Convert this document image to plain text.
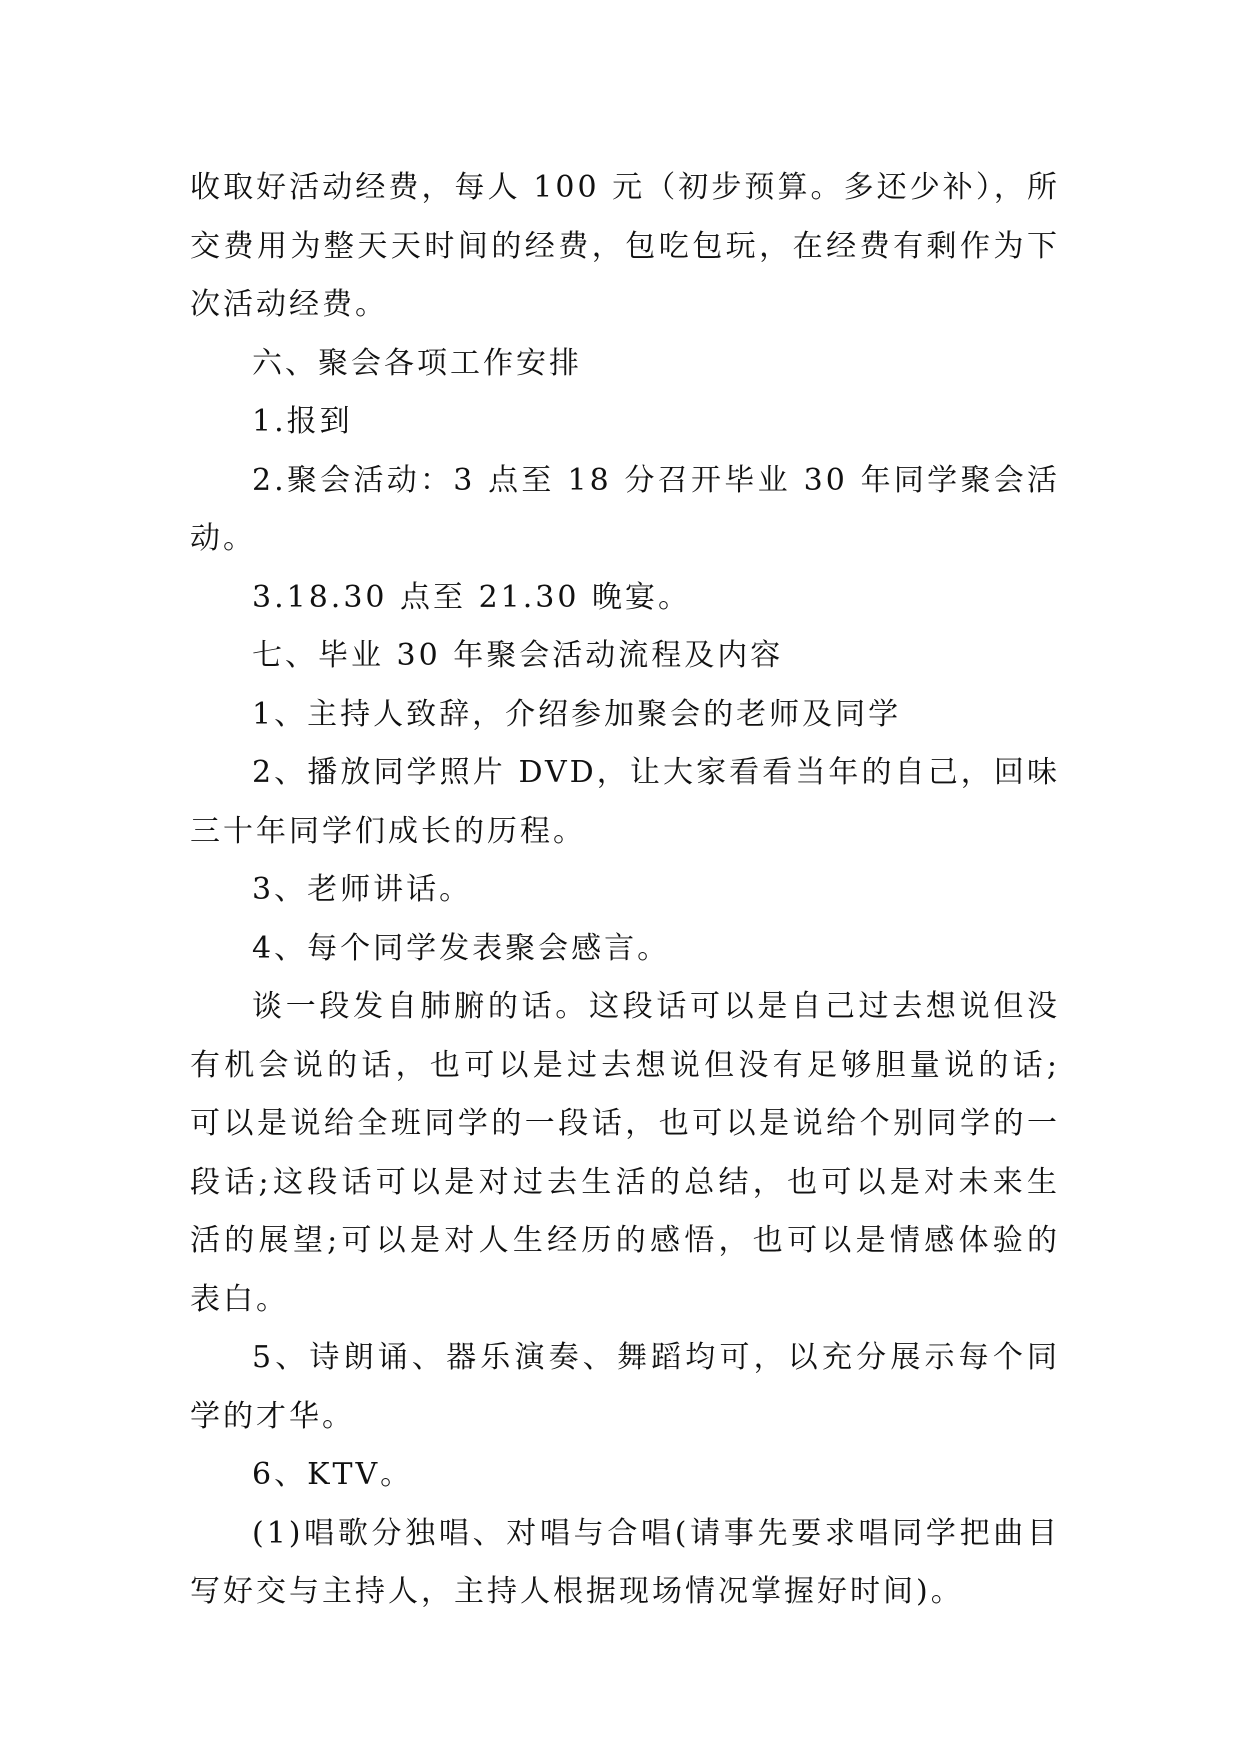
收取好活动经费，每人 100 元（初步预算。多还少补），所交费用为整天天时间的经费，包吃包玩，在经费有剩作为下次活动经费。

六、聚会各项工作安排

1.报到

2.聚会活动：3 点至 18 分召开毕业 30 年同学聚会活动。

3.18.30 点至 21.30 晚宴。

七、毕业 30 年聚会活动流程及内容

1、主持人致辞，介绍参加聚会的老师及同学

2、播放同学照片 DVD，让大家看看当年的自己，回味三十年同学们成长的历程。

3、老师讲话。

4、每个同学发表聚会感言。

谈一段发自肺腑的话。这段话可以是自己过去想说但没有机会说的话，也可以是过去想说但没有足够胆量说的话;可以是说给全班同学的一段话，也可以是说给个别同学的一段话;这段话可以是对过去生活的总结，也可以是对未来生活的展望;可以是对人生经历的感悟，也可以是情感体验的表白。

5、诗朗诵、器乐演奏、舞蹈均可，以充分展示每个同学的才华。

6、KTV。

(1)唱歌分独唱、对唱与合唱(请事先要求唱同学把曲目写好交与主持人，主持人根据现场情况掌握好时间)。
